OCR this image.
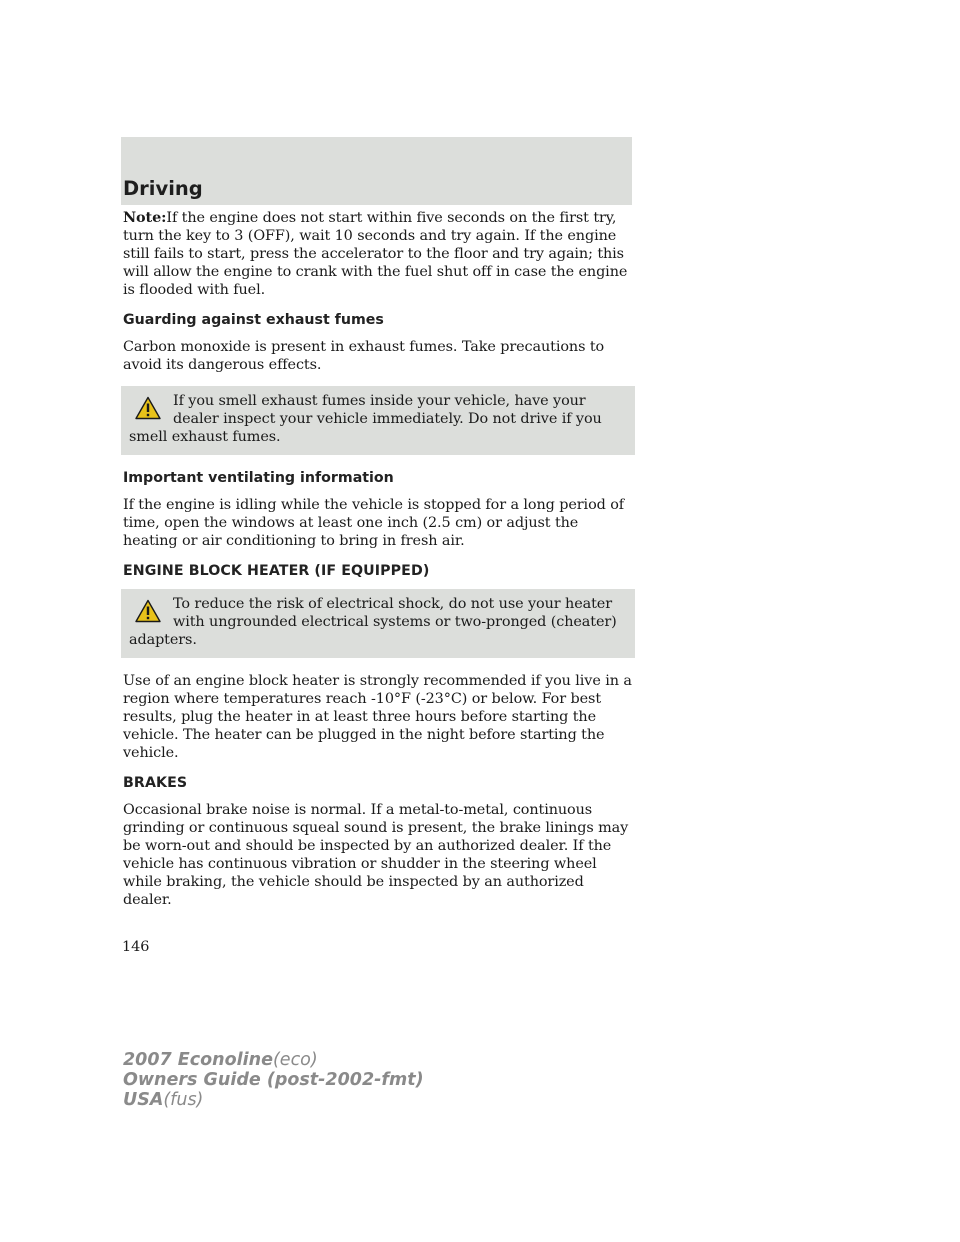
Driving

Note:If the engine does not start within five seconds on the first try, turn the key to 3 (OFF), wait 10 seconds and try again. If the engine still fails to start, press the accelerator to the floor and try again; this will allow the engine to crank with the fuel shut off in case the engine is flooded with fuel.

Guarding against exhaust fumes

Carbon monoxide is present in exhaust fumes. Take precautions to avoid its dangerous effects.

If you smell exhaust fumes inside your vehicle, have your dealer inspect your vehicle immediately. Do not drive if you smell exhaust fumes.
Important ventilating information

If the engine is idling while the vehicle is stopped for a long period of time, open the windows at least one inch (2.5 cm) or adjust the heating or air conditioning to bring in fresh air.

ENGINE BLOCK HEATER (IF EQUIPPED)
To reduce the risk of electrical shock, do not use your heater with ungrounded electrical systems or two-pronged (cheater) adapters.

Use of an engine block heater is strongly recommended if you live in a region where temperatures reach -10°F (-23°C) or below. For best results, plug the heater in at least three hours before starting the vehicle. The heater can be plugged in the night before starting the vehicle.

BRAKES

Occasional brake noise is normal. If a metal-to-metal, continuous grinding or continuous squeal sound is present, the brake linings may be worn-out and should be inspected by an authorized dealer. If the vehicle has continuous vibration or shudder in the steering wheel while braking, the vehicle should be inspected by an authorized dealer.

146

2007 Econoline(eco)
Owners Guide (post-2002-fmt)
USA(fus)
